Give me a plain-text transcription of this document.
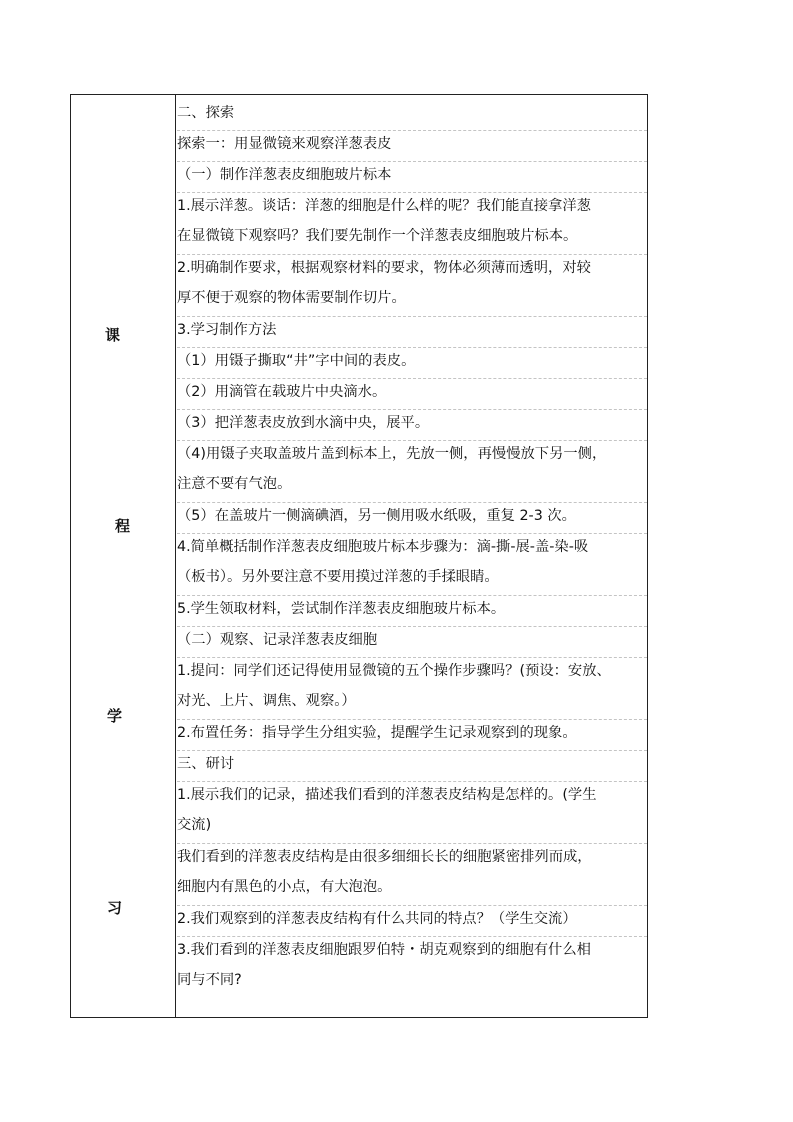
课
程
学
习
二、探索
探索一：用显微镜来观察洋葱表皮
（一）制作洋葱表皮细胞玻片标本
1.展示洋葱。谈话：洋葱的细胞是什么样的呢？我们能直接拿洋葱
在显微镜下观察吗？我们要先制作一个洋葱表皮细胞玻片标本。
2.明确制作要求，根据观察材料的要求，物体必须薄而透明，对较
厚不便于观察的物体需要制作切片。
3.学习制作方法
（1）用镊子撕取“井”字中间的表皮。
（2）用滴管在载玻片中央滴水。
（3）把洋葱表皮放到水滴中央，展平。
（4)用镊子夹取盖玻片盖到标本上，先放一侧，再慢慢放下另一侧，
注意不要有气泡。
（5）在盖玻片一侧滴碘酒，另一侧用吸水纸吸，重复 2-3 次。
4.简单概括制作洋葱表皮细胞玻片标本步骤为：滴-撕-展-盖-染-吸
（板书）。另外要注意不要用摸过洋葱的手揉眼睛。
5.学生领取材料，尝试制作洋葱表皮细胞玻片标本。
（二）观察、记录洋葱表皮细胞
1.提问：同学们还记得使用显微镜的五个操作步骤吗？(预设：安放、
对光、上片、调焦、观察。）
2.布置任务：指导学生分组实验，提醒学生记录观察到的现象。
三、研讨
1.展示我们的记录，描述我们看到的洋葱表皮结构是怎样的。(学生
交流)
我们看到的洋葱表皮结构是由很多细细长长的细胞紧密排列而成，
细胞内有黑色的小点，有大泡泡。
2.我们观察到的洋葱表皮结构有什么共同的特点？（学生交流）
3.我们看到的洋葱表皮细胞跟罗伯特・胡克观察到的细胞有什么相
同与不同?
